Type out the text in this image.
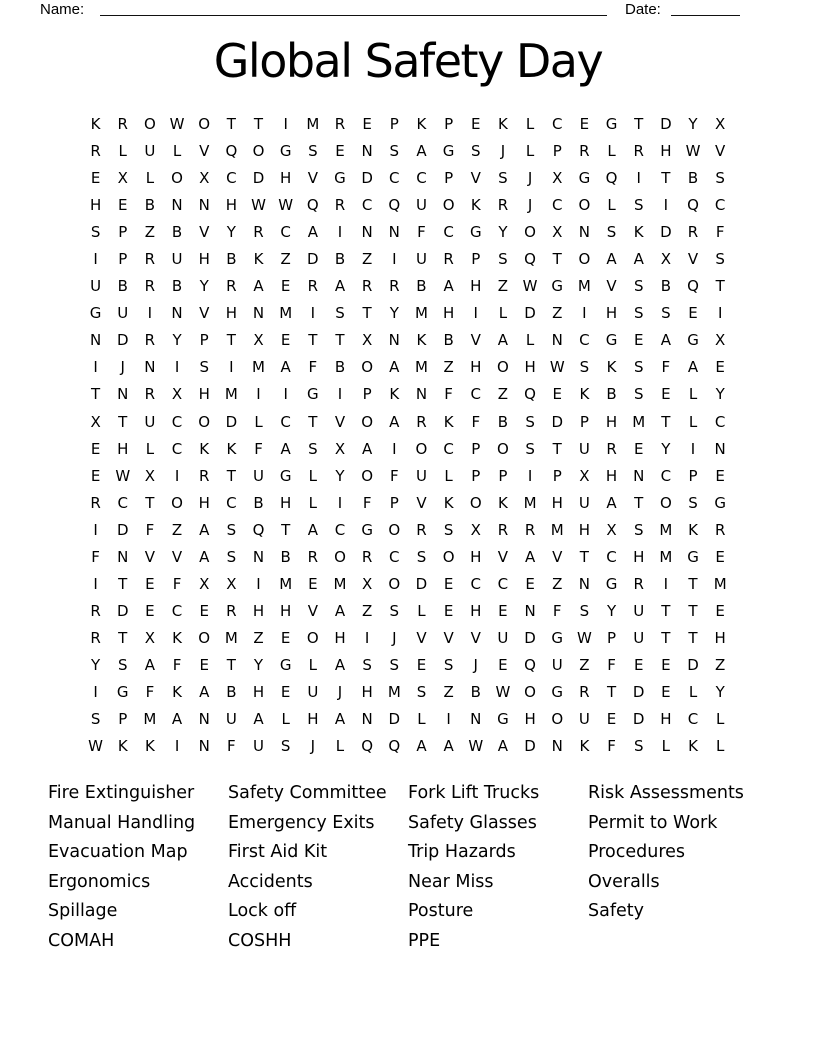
Name:	Date:
Global Safety Day
K	R	O W O	T	T	I	M	R	E	P	K	P	E	K	L	C	E	G	T	D	Y	X
R	L	U	L	V	Q	O	G	S	E	N	S	A	G	S	J	L	P	R	L	R	H W V
E	X	L	O	X	C	D	H	V	G	D	C	C	P	V	S	J	X	G	Q	I	T	B	S
H	E	B	N	N	H W W Q	R	C	Q	U	O	K	R	J	C	O	L	S	I	Q	C
S	P	Z	B	V	Y	R	C	A	I	N	N	F	C	G	Y	O	X	N	S	K	D	R	F
I	P	R	U	H	B	K	Z	D	B	Z	I	U	R	P	S	Q	T	O	A	A	X	V	S
U	B	R	B	Y	R	A	E	R	A	R	R	B	A	H	Z W G M	V	S	B	Q	T
G	U	I	N	V	H	N	M	I	S	T	Y	M	H	I	L	D	Z	I	H	S	S	E	I
N	D	R	Y	P	T	X	E	T	T	X	N	K	B	V	A	L	N	C	G	E	A	G	X
I	J	N	I	S	I	M	A	F	B	O	A	M	Z	H	O	H W S	K	S	F	A	E
T	N	R	X	H	M	I	I	G	I	P	K	N	F	C	Z	Q	E	K	B	S	E	L	Y
X	T	U	C	O	D	L	C	T	V	O	A	R	K	F	B	S	D	P	H	M	T	L	C
E	H	L	C	K	K	F	A	S	X	A	I	O	C	P	O	S	T	U	R	E	Y	I	N
E	W X	I	R	T	U	G	L	Y	O	F	U	L	P	P	I	P	X	H	N	C	P	E
R	C	T	O	H	C	B	H	L	I	F	P	V	K	O	K	M	H	U	A	T	O	S	G
I	D	F	Z	A	S	Q	T	A	C	G	O	R	S	X	R	R	M	H	X	S	M	K	R
F	N	V	V	A	S	N	B	R	O	R	C	S	O	H	V	A	V	T	C	H	M G	E
I	T	E	F	X	X	I	M	E	M	X	O	D	E	C	C	E	Z	N	G	R	I	T	M
R	D	E	C	E	R	H	H	V	A	Z	S	L	E	H	E	N	F	S	Y	U	T	T	E
R	T	X	K	O M	Z	E	O	H	I	J	V	V	V	U	D	G W	P	U	T	T	H
Y	S	A	F	E	T	Y	G	L	A	S	S	E	S	J	E	Q	U	Z	F	E	E	D	Z
I	G	F	K	A	B	H	E	U	J	H	M	S	Z	B W O	G	R	T	D	E	L	Y
S	P	M	A	N	U	A	L	H	A	N	D	L	I	N	G	H	O	U	E	D	H	C	L
W K	K	I	N	F	U	S	J	L	Q	Q	A	A W A	D	N	K	F	S	L	K	L
Fire Extinguisher
Manual Handling
Evacuation Map
Ergonomics
Spillage
COMAH
Safety Committee
Emergency Exits
First Aid Kit
Accidents
Lock off
COSHH
Fork Lift Trucks
Safety Glasses
Trip Hazards
Near Miss
Posture
PPE
Risk Assessments
Permit to Work
Procedures
Overalls
Safety
